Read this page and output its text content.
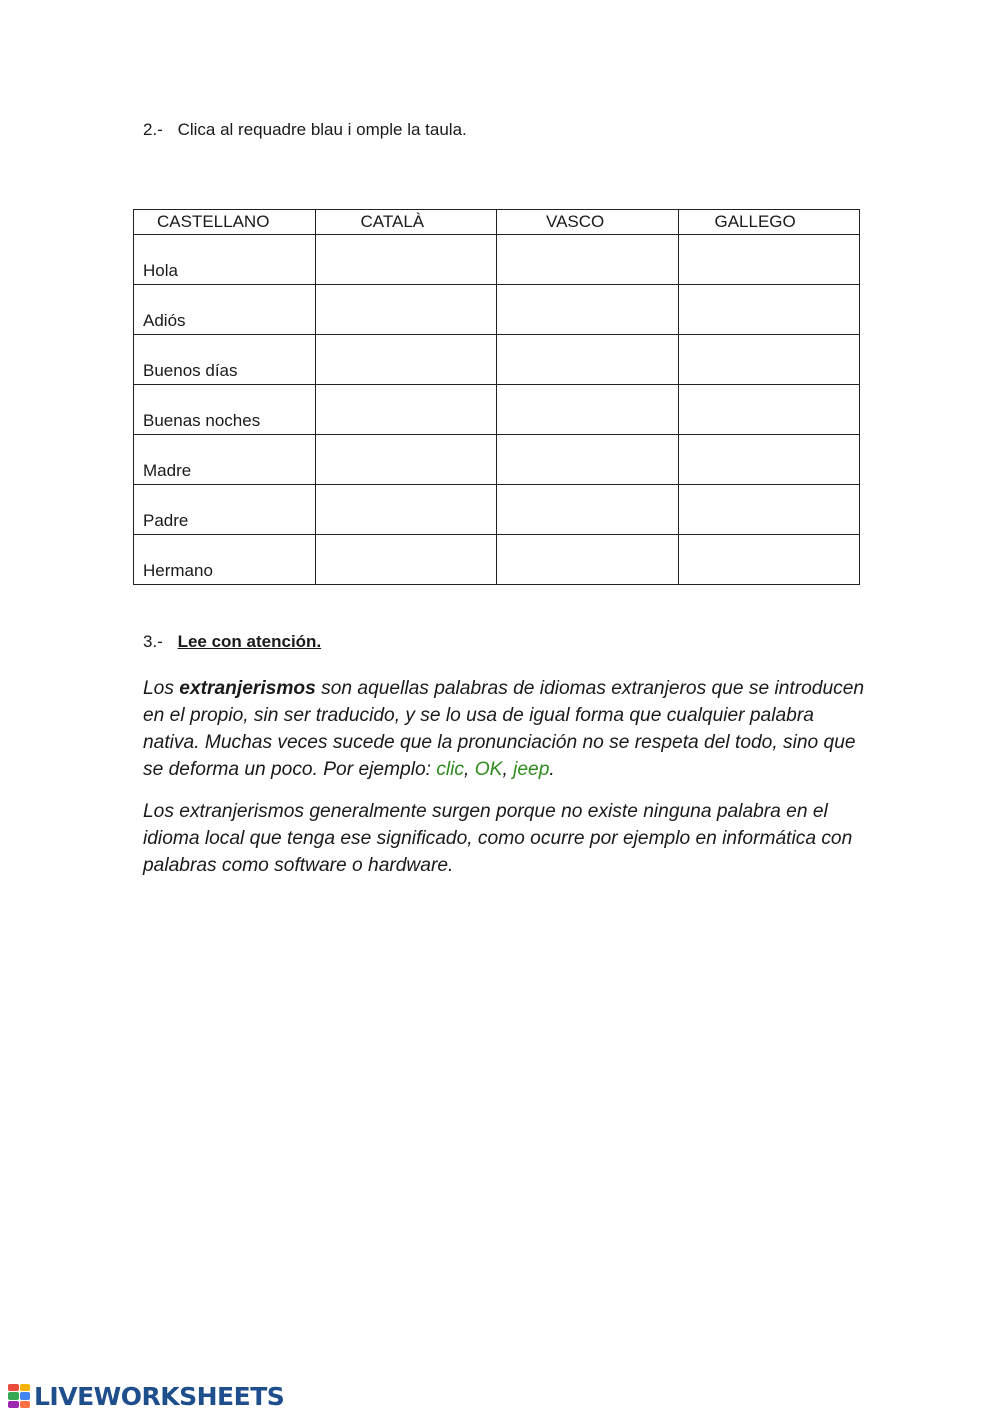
2.- Clica al requadre blau i omple la taula.
CASTELLANO	CATALÀ	VASCO	GALLEGO
Hola			
Adiós			
Buenos días			
Buenas noches			
Madre			
Padre			
Hermano			
3.- Lee con atención.

Los extranjerismos son aquellas palabras de idiomas extranjeros que se introducen en el propio, sin ser traducido, y se lo usa de igual forma que cualquier palabra nativa. Muchas veces sucede que la pronunciación no se respeta del todo, sino que se deforma un poco. Por ejemplo: clic, OK, jeep.

Los extranjerismos generalmente surgen porque no existe ninguna palabra en el idioma local que tenga ese significado, como ocurre por ejemplo en informática con palabras como software o hardware.

LIVEWORKSHEETS
